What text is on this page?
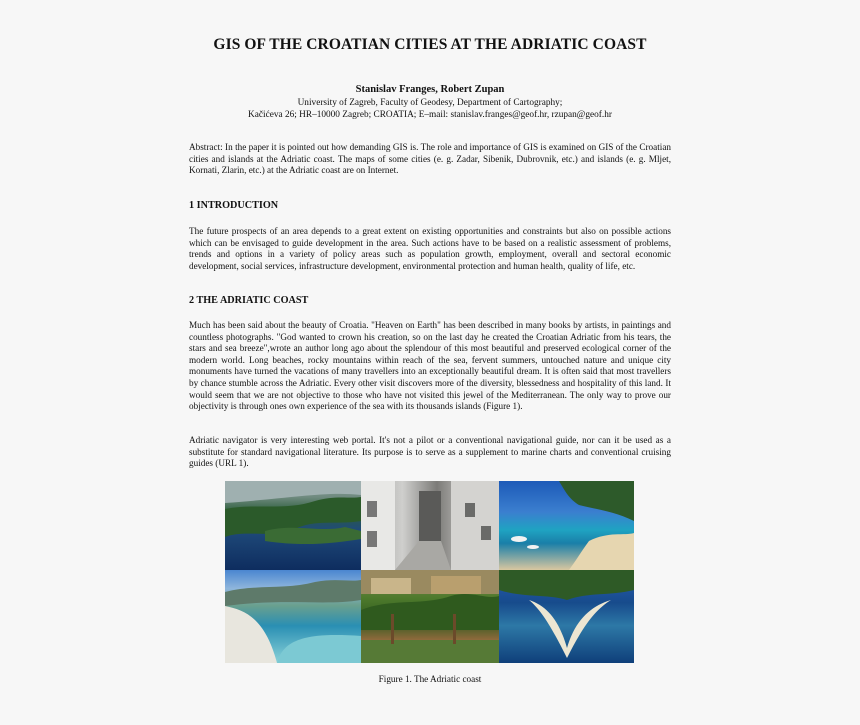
GIS OF THE CROATIAN CITIES AT THE ADRIATIC COAST
Stanislav Franges, Robert Zupan
University of Zagreb, Faculty of Geodesy, Department of Cartography;
Kačićeva 26; HR–10000 Zagreb; CROATIA; E–mail: stanislav.franges@geof.hr, rzupan@geof.hr
Abstract: In the paper it is pointed out how demanding GIS is. The role and importance of GIS is examined on GIS of the Croatian cities and islands at the Adriatic coast. The maps of some cities (e. g. Zadar, Sibenik, Dubrovnik, etc.) and islands (e. g. Mljet, Kornati, Zlarin, etc.) at the Adriatic coast are on Internet.
1 INTRODUCTION
The future prospects of an area depends to a great extent on existing opportunities and constraints but also on possible actions which can be envisaged to guide development in the area. Such actions have to be based on a realistic assessment of problems, trends and options in a variety of policy areas such as population growth, employment, overall and sectoral economic development, social services, infrastructure development, environmental protection and human health, quality of life, etc.
2 THE ADRIATIC COAST
Much has been said about the beauty of Croatia. "Heaven on Earth" has been described in many books by artists, in paintings and countless photographs. "God wanted to crown his creation, so on the last day he created the Croatian Adriatic from his tears, the stars and sea breeze",wrote an author long ago about the splendour of this most beautiful and preserved ecological corner of the modern world. Long beaches, rocky mountains within reach of the sea, fervent summers, untouched nature and unique city monuments have turned the vacations of many travellers into an exceptionally beautiful dream. It is often said that most travellers by chance stumble across the Adriatic. Every other visit discovers more of the diversity, blessedness and hospitality of this land. It would seem that we are not objective to those who have not visited this jewel of the Mediterranean. The only way to prove our objectivity is through ones own experience of the sea with its thousands islands (Figure 1).
Adriatic navigator is very interesting web portal. It's not a pilot or a conventional navigational guide, nor can it be used as a substitute for standard navigational literature. Its purpose is to serve as a supplement to marine charts and conventional cruising guides (URL 1).
Figure 1. The Adriatic coast
